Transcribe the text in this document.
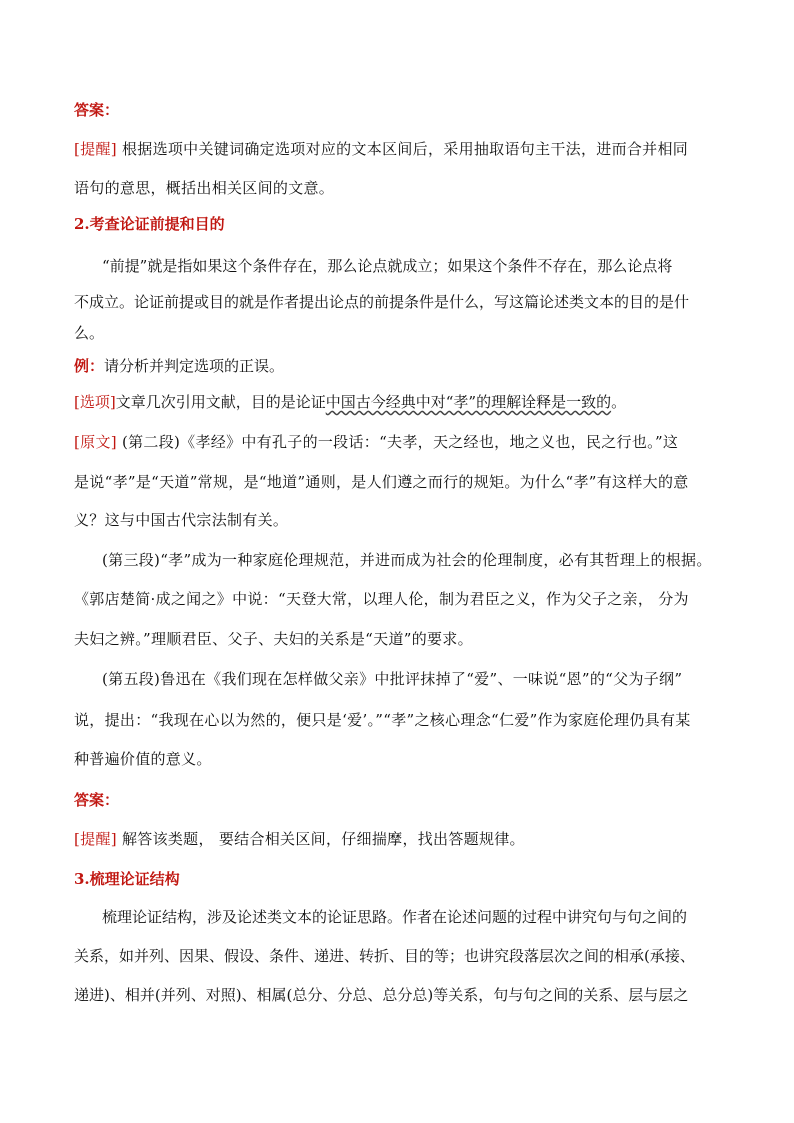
答案：
[提醒] 根据选项中关键词确定选项对应的文本区间后，采用抽取语句主干法，进而合并相同
语句的意思，概括出相关区间的文意。
2.考查论证前提和目的
“前提”就是指如果这个条件存在，那么论点就成立；如果这个条件不存在，那么论点将
不成立。论证前提或目的就是作者提出论点的前提条件是什么，写这篇论述类文本的目的是什
么。
例：请分析并判定选项的正误。
[选项]文章几次引用文献，目的是论证中国古今经典中对“孝”的理解诠释是一致的。
[原文] (第二段)《孝经》中有孔子的一段话：“夫孝，天之经也，地之义也，民之行也。”这
是说“孝”是“天道”常规，是“地道”通则，是人们遵之而行的规矩。为什么“孝”有这样大的意
义？这与中国古代宗法制有关。
(第三段)“孝”成为一种家庭伦理规范，并进而成为社会的伦理制度，必有其哲理上的根据。
《郭店楚简·成之闻之》中说：“天登大常，以理人伦，制为君臣之义，作为父子之亲， 分为
夫妇之辨。”理顺君臣、父子、夫妇的关系是“天道”的要求。
(第五段)鲁迅在《我们现在怎样做父亲》中批评抹掉了“爱”、一味说“恩”的“父为子纲”
说，提出：“我现在心以为然的，便只是‘爱’。”“孝”之核心理念“仁爱”作为家庭伦理仍具有某
种普遍价值的意义。
答案：
[提醒] 解答该类题， 要结合相关区间，仔细揣摩，找出答题规律。
3.梳理论证结构
梳理论证结构，涉及论述类文本的论证思路。作者在论述问题的过程中讲究句与句之间的
关系，如并列、因果、假设、条件、递进、转折、目的等；也讲究段落层次之间的相承(承接、
递进)、相并(并列、对照)、相属(总分、分总、总分总)等关系，句与句之间的关系、层与层之
